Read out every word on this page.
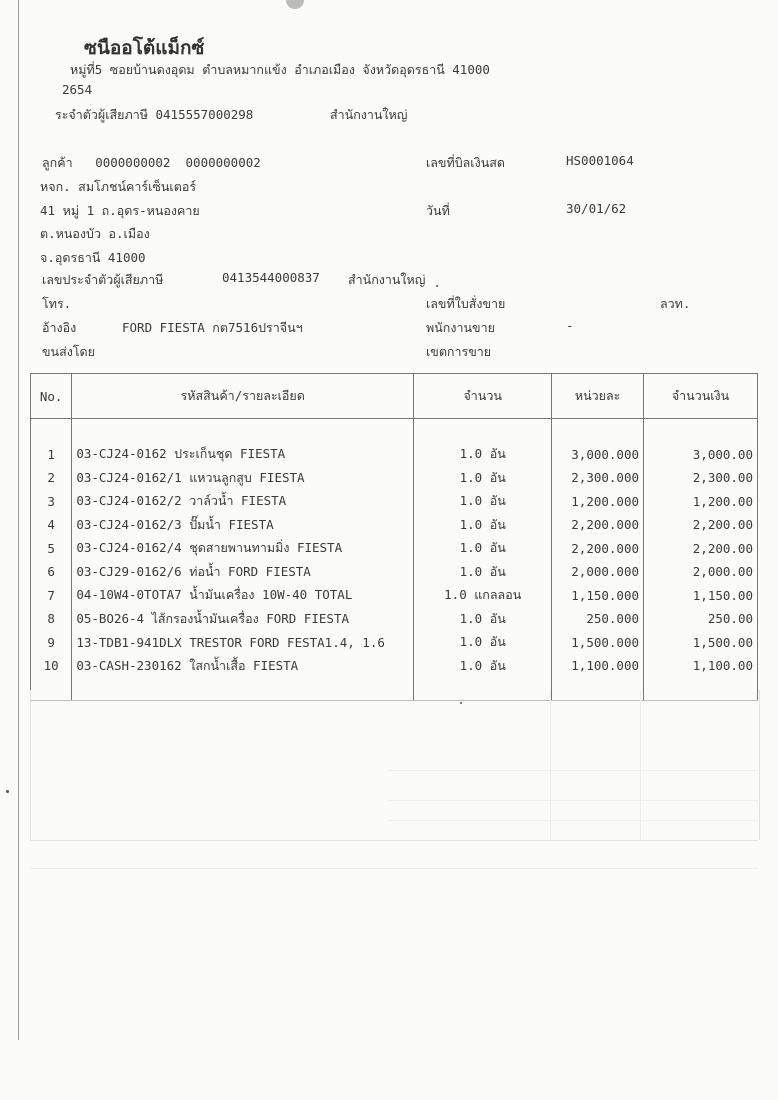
ซนืออโต้แม็กซ์
หมู่ที่5 ซอยบ้านดงอุดม ตำบลหมากแข้ง อำเภอเมือง จังหวัดอุดรธานี 41000
2654
ระจำตัวผู้เสียภาษี 0415557000298	สำนักงานใหญ่
ลูกค้า 0000000002 0000000002
หจก. สมโภชน์คาร์เซ็นเตอร์
41 หมู่ 1 ถ.อุดร-หนองคาย
ต.หนองบัว อ.เมือง
จ.อุดรธานี 41000
เลขประจำตัวผู้เสียภาษี	0413544000837 สำนักงานใหญ่
โทร.
อ้างอิง	FORD FIESTA กต7516ปราจีนฯ
ขนส่งโดย
เลขที่บิลเงินสด	HS0001064
วันที่	30/01/62
เลขที่ใบสั่งขาย	ลวท.
พนักงานขาย	-
เขตการขาย
No.	รหัสสินค้า/รายละเอียด	จำนวน	หน่วยละ	จำนวนเงิน

1	03-CJ24-0162 ประเก็นชุด FIESTA	1.0 อัน	3,000.000	3,000.00
2	03-CJ24-0162/1 แหวนลูกสูบ FIESTA	1.0 อัน	2,300.000	2,300.00
3	03-CJ24-0162/2 วาล์วน้ำ FIESTA	1.0 อัน	1,200.000	1,200.00
4	03-CJ24-0162/3 ปั๊มน้ำ FIESTA	1.0 อัน	2,200.000	2,200.00
5	03-CJ24-0162/4 ชุดสายพานทามมิ่ง FIESTA	1.0 อัน	2,200.000	2,200.00
6	03-CJ29-0162/6 ท่อน้ำ FORD FIESTA	1.0 อัน	2,000.000	2,000.00
7	04-10W4-0TOTA7 น้ำมันเครื่อง 10W-40 TOTAL	1.0 แกลลอน	1,150.000	1,150.00
8	05-BO26-4 ไส้กรองน้ำมันเครื่อง FORD FIESTA	1.0 อัน	250.000	250.00
9	13-TDB1-941DLX TRESTOR FORD FESTA1.4, 1.6	1.0 อัน	1,500.000	1,500.00
10	03-CASH-230162 ใสกน้ำเสื้อ FIESTA	1.0 อัน	1,100.000	1,100.00
